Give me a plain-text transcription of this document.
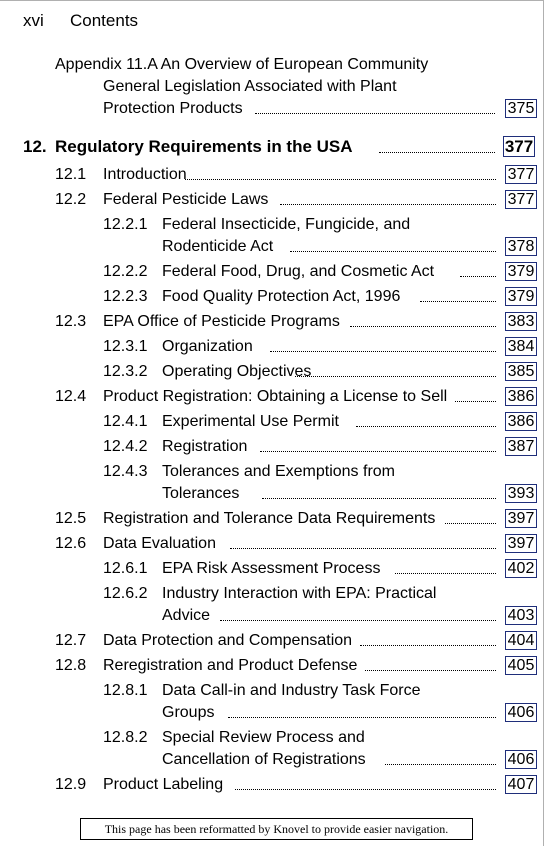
xvi Contents
Appendix 11.A An Overview of European Community
General Legislation Associated with Plant
Protection Products	375
12. Regulatory Requirements in the USA	377
12.1 Introduction	377
12.2 Federal Pesticide Laws	377
12.2.1 Federal Insecticide, Fungicide, and
Rodenticide Act	378
12.2.2 Federal Food, Drug, and Cosmetic Act	379
12.2.3 Food Quality Protection Act, 1996	379
12.3 EPA Office of Pesticide Programs	383
12.3.1 Organization	384
12.3.2 Operating Objectives	385
12.4 Product Registration: Obtaining a License to Sell	386
12.4.1 Experimental Use Permit	386
12.4.2 Registration	387
12.4.3 Tolerances and Exemptions from
Tolerances	393
12.5 Registration and Tolerance Data Requirements	397
12.6 Data Evaluation	397
12.6.1 EPA Risk Assessment Process	402
12.6.2 Industry Interaction with EPA: Practical
Advice	403
12.7 Data Protection and Compensation	404
12.8 Reregistration and Product Defense	405
12.8.1 Data Call-in and Industry Task Force
Groups	406
12.8.2 Special Review Process and
Cancellation of Registrations	406
12.9 Product Labeling	407
This page has been reformatted by Knovel to provide easier navigation.
